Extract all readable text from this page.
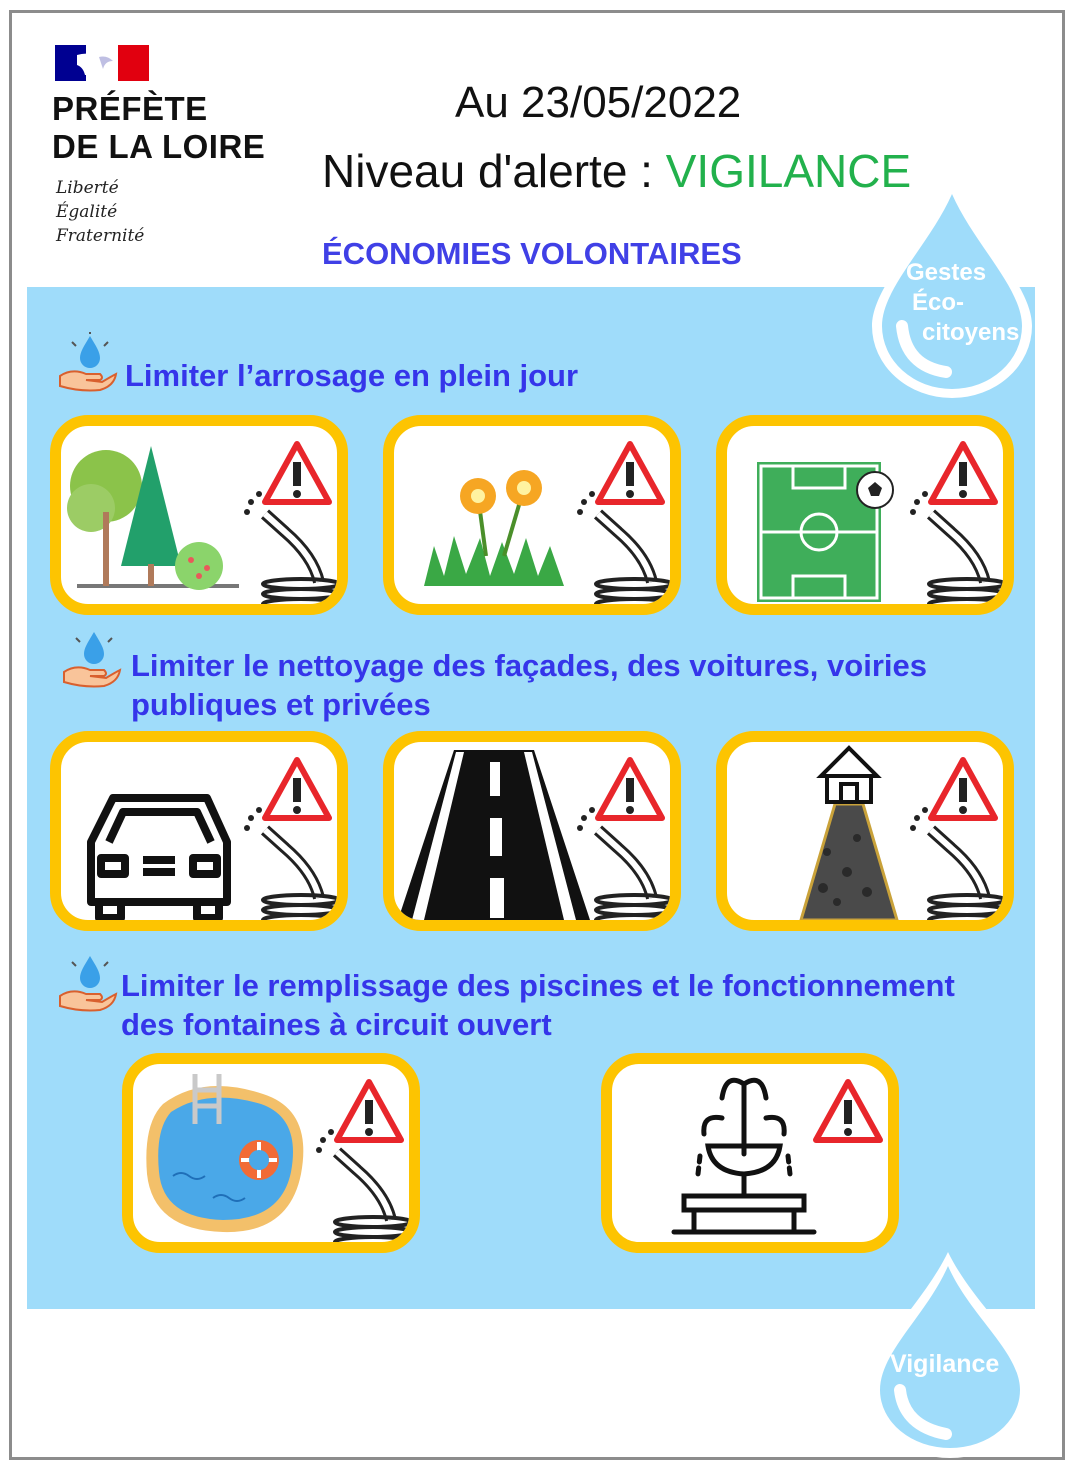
PRÉFÈTE
DE LA LOIRE
Liberté
Égalité
Fraternité
Au 23/05/2022
Niveau d'alerte : VIGILANCE
ÉCONOMIES VOLONTAIRES
Gestes
Éco-
citoyens
Limiter l’arrosage en plein jour
Limiter le nettoyage des façades, des voitures, voiries
publiques et privées
Limiter le remplissage des piscines et le fonctionnement
des fontaines à circuit ouvert
Vigilance
